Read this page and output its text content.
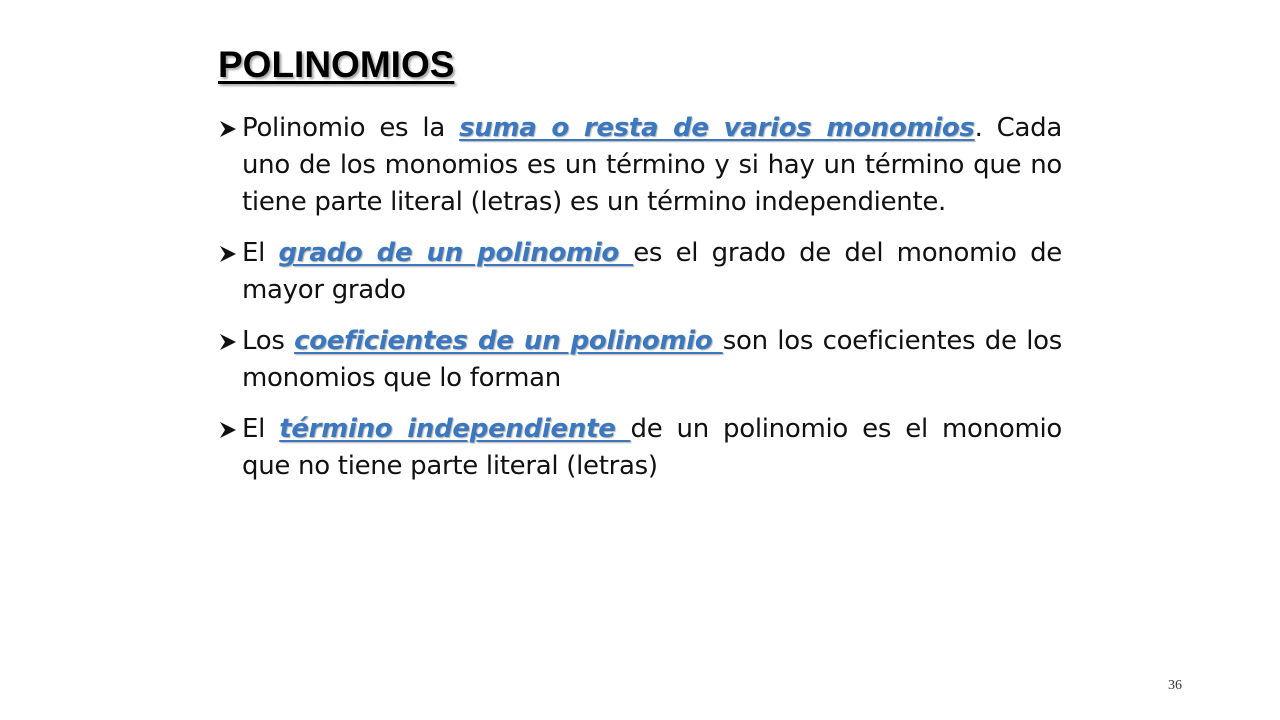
POLINOMIOS
Polinomio es la suma o resta de varios monomios. Cada uno de los monomios es un término y si hay un término que no tiene parte literal (letras) es un término independiente.
El grado de un polinomio es el grado de del monomio de mayor grado
Los coeficientes de un polinomio son los coeficientes de los monomios que lo forman
El término independiente de un polinomio es el monomio que no tiene parte literal (letras)
36
